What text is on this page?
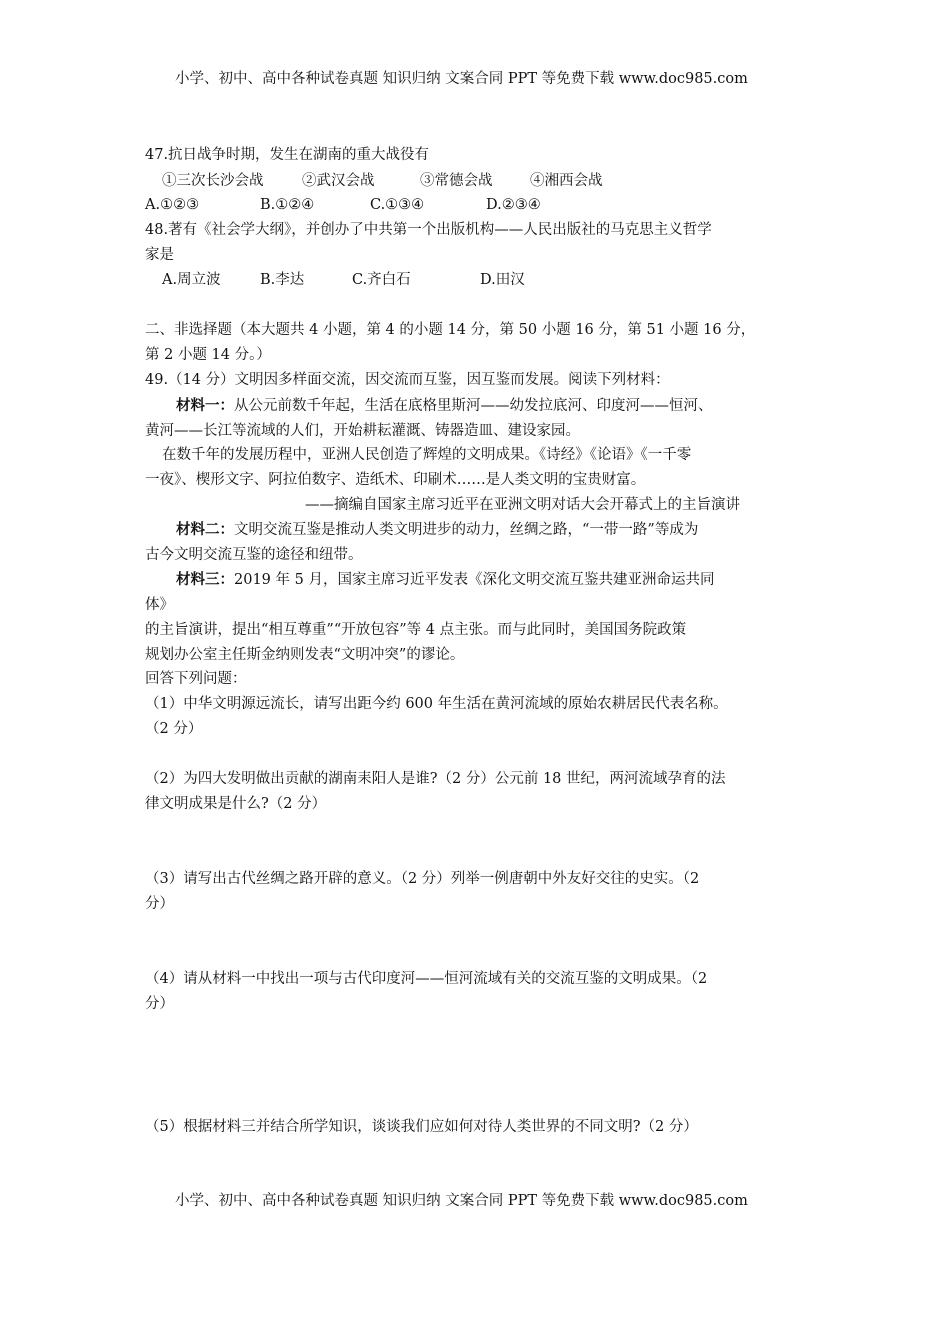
小学、初中、高中各种试卷真题 知识归纳 文案合同 PPT 等免费下载 www.doc985.com
47.抗日战争时期，发生在湖南的重大战役有
①三次长沙会战	②武汉会战	③常德会战	④湘西会战
A.①②③	B.①②④	C.①③④	D.②③④
48.著有《社会学大纲》，并创办了中共第一个出版机构——人民出版社的马克思主义哲学
家是
A.周立波	B.李达	C.齐白石	D.田汉
二、非选择题（本大题共 4 小题，第 4 的小题 14 分，第 50 小题 16 分，第 51 小题 16 分，
第 2 小题 14 分。）
49.（14 分）文明因多样面交流，因交流而互鉴，因互鉴而发展。阅读下列材料：
材料一：从公元前数千年起，生活在底格里斯河——幼发拉底河、印度河——恒河、
黄河——长江等流域的人们，开始耕耘灌溉、铸器造皿、建设家园。
在数千年的发展历程中，亚洲人民创造了辉煌的文明成果。《诗经》《论语》《一千零
一夜》、楔形文字、阿拉伯数字、造纸术、印刷术……是人类文明的宝贵财富。
——摘编自国家主席习近平在亚洲文明对话大会开幕式上的主旨演讲
材料二：文明交流互鉴是推动人类文明进步的动力，丝绸之路，“一带一路”等成为
古今文明交流互鉴的途径和纽带。
材料三：2019 年 5 月，国家主席习近平发表《深化文明交流互鉴共建亚洲命运共同
体》
的主旨演讲，提出“相互尊重”“开放包容”等 4 点主张。而与此同时，美国国务院政策
规划办公室主任斯金纳则发表“文明冲突”的谬论。
回答下列问题：
（1）中华文明源远流长，请写出距今约 600 年生活在黄河流域的原始农耕居民代表名称。
（2 分）
（2）为四大发明做出贡献的湖南耒阳人是谁?（2 分）公元前 18 世纪，两河流域孕育的法
律文明成果是什么?（2 分）
（3）请写出古代丝绸之路开辟的意义。（2 分）列举一例唐朝中外友好交往的史实。（2
分）
（4）请从材料一中找出一项与古代印度河——恒河流域有关的交流互鉴的文明成果。（2
分）
（5）根据材料三并结合所学知识，谈谈我们应如何对待人类世界的不同文明?（2 分）
小学、初中、高中各种试卷真题 知识归纳 文案合同 PPT 等免费下载 www.doc985.com
